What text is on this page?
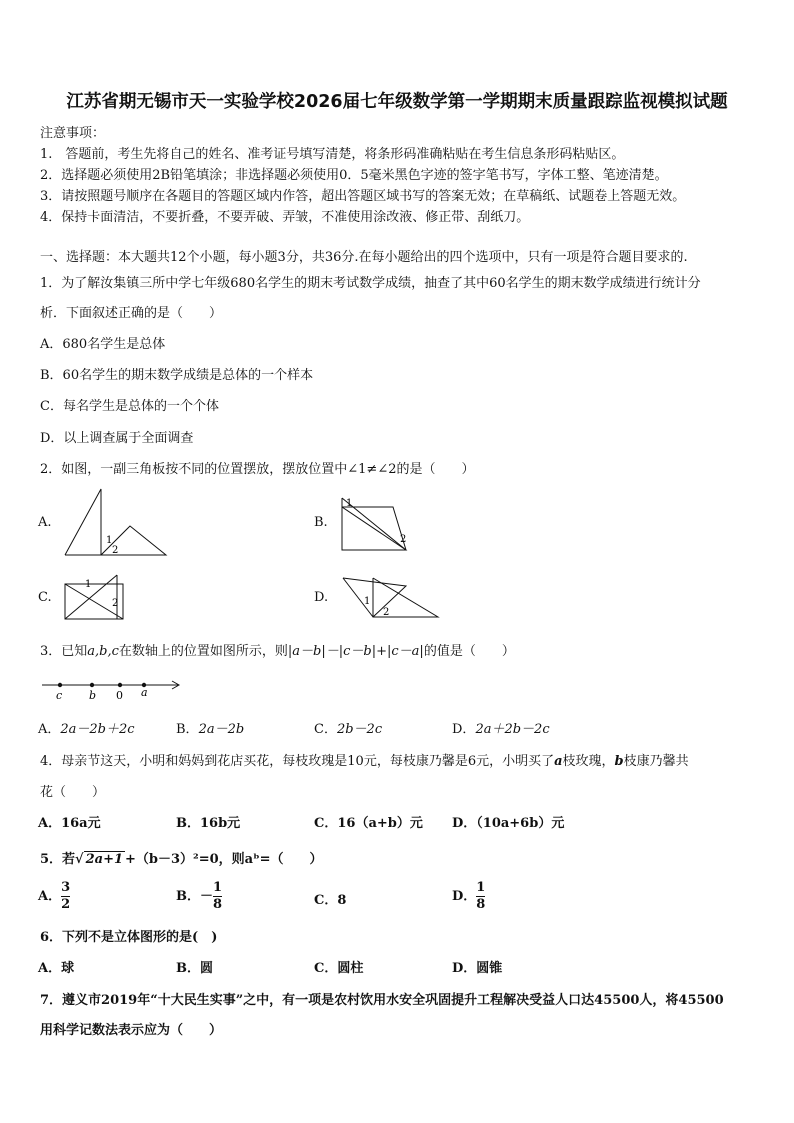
江苏省期无锡市天一实验学校2026届七年级数学第一学期期末质量跟踪监视模拟试题
注意事项：
1.　答题前，考生先将自己的姓名、准考证号填写清楚，将条形码准确粘贴在考生信息条形码粘贴区。
2．选择题必须使用2B铅笔填涂；非选择题必须使用0．5毫米黑色字迹的签字笔书写，字体工整、笔迹清楚。
3．请按照题号顺序在各题目的答题区域内作答，超出答题区域书写的答案无效；在草稿纸、试题卷上答题无效。
4．保持卡面清洁，不要折叠，不要弄破、弄皱，不准使用涂改液、修正带、刮纸刀。
一、选择题：本大题共12个小题，每小题3分，共36分.在每小题给出的四个选项中，只有一项是符合题目要求的.
1．为了解汝集镇三所中学七年级680名学生的期末考试数学成绩，抽查了其中60名学生的期末数学成绩进行统计分
析．下面叙述正确的是（　　）
A．680名学生是总体
B．60名学生的期末数学成绩是总体的一个样本
C．每名学生是总体的一个个体
D．以上调查属于全面调查
2．如图，一副三角板按不同的位置摆放，摆放位置中∠1≠∠2的是（　　）
A.
1
2
B.
1
2
C.
1
2	D.	1
2
3．已知a,b,c在数轴上的位置如图所示，则|a－b|－|c－b|+|c－a|的值是（　　）
c b 0 a
A．2a－2b＋2c	B．2a－2b	C．2b－2c	D．2a＋2b－2c
4．母亲节这天，小明和妈妈到花店买花，每枝玫瑰是10元，每枝康乃馨是6元，小明买了a枝玫瑰，b枝康乃馨共
花（　　）
A．16a元	B．16b元	C．16（a+b）元 D．（10a+6b）元
5．若√ 2a+1 +（b－3）²=0，则aᵇ=（　　）
A． $\frac{3}{2}$	B．－ $\frac{1}{8}$	C．8	D． $\frac{1}{8}$
6．下列不是立体图形的是(　)
A．球	B．圆	C．圆柱	D．圆锥
7．遵义市2019年“十大民生实事”之中，有一项是农村饮用水安全巩固提升工程解决受益人口达45500人，将45500
用科学记数法表示应为（　　）
